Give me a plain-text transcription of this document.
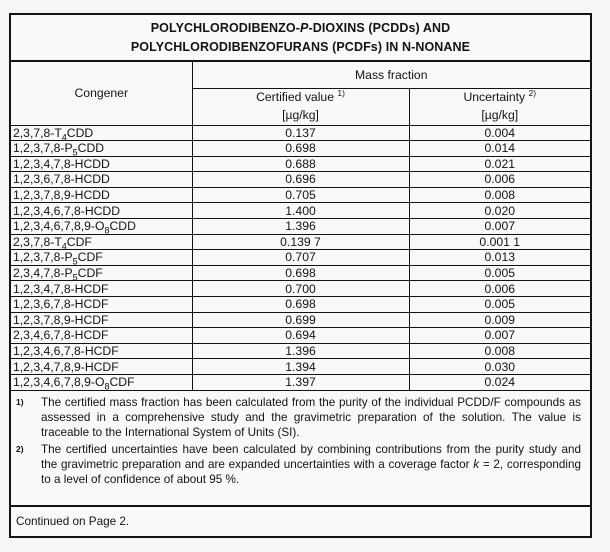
POLYCHLORODIBENZO-P-DIOXINS (PCDDs) AND
POLYCHLORODIBENZOFURANS (PCDFs) IN N-NONANE
Congener	Mass fraction	

Certified value $^{1)}$
[µg/kg]

Uncertainty $^{2)}$
[µg/kg]

$2,3,7,8-T_4CDD$	0.137	0.004
$1,2,3,7,8-P_5CDD$	0.698	0.014
1,2,3,4,7,8-HCDD	0.688	0.021
1,2,3,6,7,8-HCDD	0.696	0.006
1,2,3,7,8,9-HCDD	0.705	0.008
1,2,3,4,6,7,8-HCDD	1.400	0.020
$1,2,3,4,6,7,8,9-O_8CDD$	1.396	0.007
$2,3,7,8-T_4CDF$	0.139 7	0.001 1
$1,2,3,7,8-P_5CDF$	0.707	0.013
$2,3,4,7,8-P_5CDF$	0.698	0.005
1,2,3,4,7,8-HCDF	0.700	0.006
1,2,3,6,7,8-HCDF	0.698	0.005
1,2,3,7,8,9-HCDF	0.699	0.009
2,3,4,6,7,8-HCDF	0.694	0.007
1,2,3,4,6,7,8-HCDF	1.396	0.008
1,2,3,4,7,8,9-HCDF	1.394	0.030
$1,2,3,4,6,7,8,9-O_8CDF$	1.397	0.024
1)	The certified mass fraction has been calculated from the purity of the individual PCDD/F compounds as assessed in a comprehensive study and the gravimetric preparation of the solution. The value is traceable to the International System of Units (SI).
2)	The certified uncertainties have been calculated by combining contributions from the purity study and the gravimetric preparation and are expanded uncertainties with a coverage factor k = 2, corresponding to a level of confidence of about 95 %.
Continued on Page 2.
